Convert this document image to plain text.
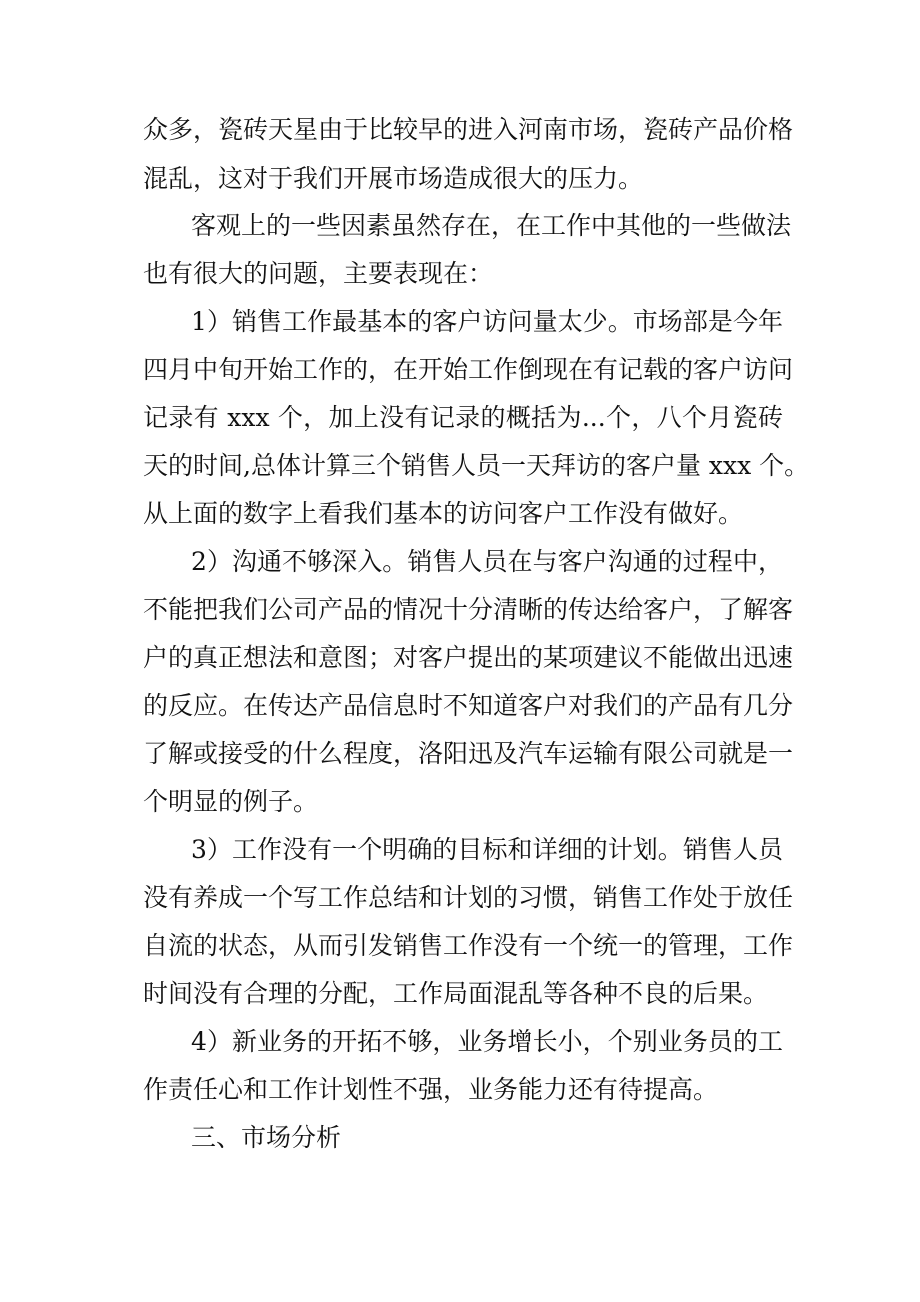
众多，瓷砖天星由于比较早的进入河南市场，瓷砖产品价格
混乱，这对于我们开展市场造成很大的压力。
客观上的一些因素虽然存在，在工作中其他的一些做法
也有很大的问题，主要表现在：
1）销售工作最基本的客户访问量太少。市场部是今年
四月中旬开始工作的，在开始工作倒现在有记载的客户访问
记录有 xxx 个，加上没有记录的概括为...个，八个月瓷砖
天的时间,总体计算三个销售人员一天拜访的客户量 xxx 个。
从上面的数字上看我们基本的访问客户工作没有做好。
2）沟通不够深入。销售人员在与客户沟通的过程中，
不能把我们公司产品的情况十分清晰的传达给客户，了解客
户的真正想法和意图；对客户提出的某项建议不能做出迅速
的反应。在传达产品信息时不知道客户对我们的产品有几分
了解或接受的什么程度，洛阳迅及汽车运输有限公司就是一
个明显的例子。
3）工作没有一个明确的目标和详细的计划。销售人员
没有养成一个写工作总结和计划的习惯，销售工作处于放任
自流的状态，从而引发销售工作没有一个统一的管理，工作
时间没有合理的分配，工作局面混乱等各种不良的后果。
4）新业务的开拓不够，业务增长小，个别业务员的工
作责任心和工作计划性不强，业务能力还有待提高。
三、市场分析
